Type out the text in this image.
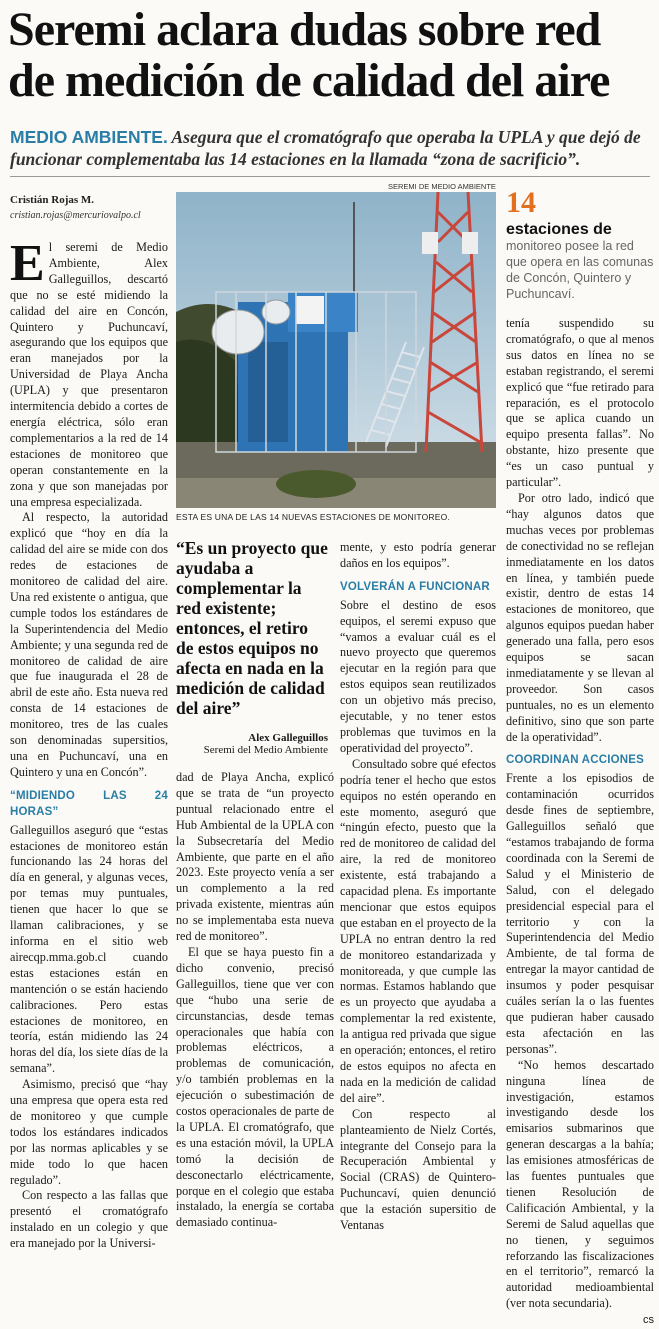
Seremi aclara dudas sobre red de medición de calidad del aire
MEDIO AMBIENTE. Asegura que el cromatógrafo que operaba la UPLA y que dejó de funcionar complementaba las 14 estaciones en la llamada “zona de sacrificio”.
Cristián Rojas M.
cristian.rojas@mercuriovalpo.cl

El seremi de Medio Ambiente, Alex Galleguillos, descartó que no se esté midiendo la calidad del aire en Concón, Quintero y Puchuncaví, asegurando que los equipos que eran manejados por la Universidad de Playa Ancha (UPLA) y que presentaron intermitencia debido a cortes de energía eléctrica, sólo eran complementarios a la red de 14 estaciones de monitoreo que operan constantemente en la zona y que son manejadas por una empresa especializada.

Al respecto, la autoridad explicó que “hoy en día la calidad del aire se mide con dos redes de estaciones de monitoreo de calidad del aire. Una red existente o antigua, que cumple todos los estándares de la Superintendencia del Medio Ambiente; y una segunda red de monitoreo de calidad de aire que fue inaugurada el 28 de abril de este año. Esta nueva red consta de 14 estaciones de monitoreo, tres de las cuales son denominadas supersitios, una en Puchuncaví, una en Quintero y una en Concón”.

“MIDIENDO LAS 24 HORAS”

Galleguillos aseguró que “estas estaciones de monitoreo están funcionando las 24 horas del día en general, y algunas veces, por temas muy puntuales, tienen que hacer lo que se llaman calibraciones, y se informa en el sitio web airecqp.mma.gob.cl cuando estas estaciones están en mantención o se están haciendo calibraciones. Pero estas estaciones de monitoreo, en teoría, están midiendo las 24 horas del día, los siete días de la semana”.

Asimismo, precisó que “hay una empresa que opera esta red de monitoreo y que cumple todos los estándares indicados por las normas aplicables y se mide todo lo que hacen regulado”.

Con respecto a las fallas que presentó el cromatógrafo instalado en un colegio y que era manejado por la Universi-

SEREMI DE MEDIO AMBIENTE
ESTA ES UNA DE LAS 14 NUEVAS ESTACIONES DE MONITOREO.
14
estaciones de monitoreo posee la red que opera en las comunas de Concón, Quintero y Puchuncaví.
“Es un proyecto que ayudaba a complementar la red existente; entonces, el retiro de estos equipos no afecta en nada en la medición de calidad del aire”
Alex Galleguillos
Seremi del Medio Ambiente

dad de Playa Ancha, explicó que se trata de “un proyecto puntual relacionado entre el Hub Ambiental de la UPLA con la Subsecretaría del Medio Ambiente, que parte en el año 2023. Este proyecto venía a ser un complemento a la red privada existente, mientras aún no se implementaba esta nueva red de monitoreo”.

El que se haya puesto fin a dicho convenio, precisó Galleguillos, tiene que ver con que “hubo una serie de circunstancias, desde temas operacionales que había con problemas eléctricos, a problemas de comunicación, y/o también problemas en la ejecución o subestimación de costos operacionales de parte de la UPLA. El cromatógrafo, que es una estación móvil, la UPLA tomó la decisión de desconectarlo eléctricamente, porque en el colegio que estaba instalado, la energía se cortaba demasiado continua-

mente, y esto podría generar daños en los equipos”.

VOLVERÁN A FUNCIONAR

Sobre el destino de esos equipos, el seremi expuso que “vamos a evaluar cuál es el nuevo proyecto que queremos ejecutar en la región para que estos equipos sean reutilizados con un objetivo más preciso, ejecutable, y no tener estos problemas que tuvimos en la operatividad del proyecto”.

Consultado sobre qué efectos podría tener el hecho que estos equipos no estén operando en este momento, aseguró que “ningún efecto, puesto que la red de monitoreo de calidad del aire, la red de monitoreo existente, está trabajando a capacidad plena. Es importante mencionar que estos equipos que estaban en el proyecto de la UPLA no entran dentro la red de monitoreo estandarizada y monitoreada, y que cumple las normas. Estamos hablando que es un proyecto que ayudaba a complementar la red existente, la antigua red privada que sigue en operación; entonces, el retiro de estos equipos no afecta en nada en la medición de calidad del aire”.

Con respecto al planteamiento de Nielz Cortés, integrante del Consejo para la Recuperación Ambiental y Social (CRAS) de Quintero-Puchuncaví, quien denunció que la estación supersitio de Ventanas

tenía suspendido su cromatógrafo, o que al menos sus datos en línea no se estaban registrando, el seremi explicó que “fue retirado para reparación, es el protocolo que se aplica cuando un equipo presenta fallas”. No obstante, hizo presente que “es un caso puntual y particular”.

Por otro lado, indicó que “hay algunos datos que muchas veces por problemas de conectividad no se reflejan inmediatamente en los datos en línea, y también puede existir, dentro de estas 14 estaciones de monitoreo, que algunos equipos puedan haber generado una falla, pero esos equipos se sacan inmediatamente y se llevan al proveedor. Son casos puntuales, no es un elemento definitivo, sino que son parte de la operatividad”.

COORDINAN ACCIONES

Frente a los episodios de contaminación ocurridos desde fines de septiembre, Galleguillos señaló que “estamos trabajando de forma coordinada con la Seremi de Salud y el Ministerio de Salud, con el delegado presidencial especial para el territorio y con la Superintendencia del Medio Ambiente, de tal forma de entregar la mayor cantidad de insumos y poder pesquisar cuáles serían la o las fuentes que pudieran haber causado esta afectación en las personas”.

“No hemos descartado ninguna línea de investigación, estamos investigando desde los emisarios submarinos que generan descargas a la bahía; las emisiones atmosféricas de las fuentes puntuales que tienen Resolución de Calificación Ambiental, y la Seremi de Salud aquellas que no tienen, y seguimos reforzando las fiscalizaciones en el territorio”, remarcó la autoridad medioambiental (ver nota secundaria).

cs
